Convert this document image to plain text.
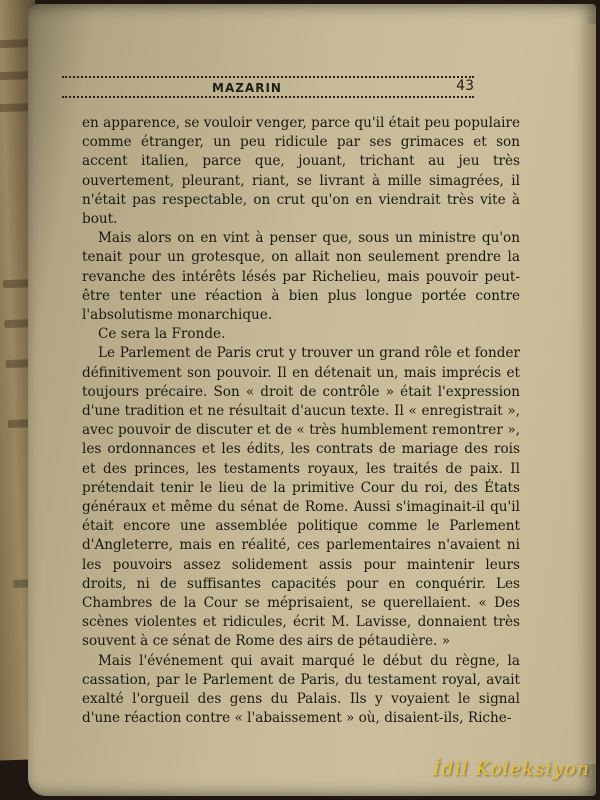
MAZARIN	43

en apparence, se vouloir venger, parce qu'il était peu populaire comme étranger, un peu ridicule par ses grimaces et son accent italien, parce que, jouant, trichant au jeu très ouvertement, pleurant, riant, se livrant à mille simagrées, il n'était pas respectable, on crut qu'on en viendrait très vite à bout.

Mais alors on en vint à penser que, sous un ministre qu'on tenait pour un grotesque, on allait non seulement prendre la revanche des intérêts lésés par Richelieu, mais pouvoir peut-être tenter une réaction à bien plus longue portée contre l'absolutisme monarchique.

Ce sera la Fronde.

Le Parlement de Paris crut y trouver un grand rôle et fonder définitivement son pouvoir. Il en détenait un, mais imprécis et toujours précaire. Son « droit de contrôle » était l'expression d'une tradition et ne résultait d'aucun texte. Il « enregistrait », avec pouvoir de discuter et de « très humblement remontrer », les ordonnances et les édits, les contrats de mariage des rois et des princes, les testaments royaux, les traités de paix. Il prétendait tenir le lieu de la primitive Cour du roi, des États généraux et même du sénat de Rome. Aussi s'imaginait-il qu'il était encore une assemblée politique comme le Parlement d'Angleterre, mais en réalité, ces parlementaires n'avaient ni les pouvoirs assez solidement assis pour maintenir leurs droits, ni de suffisantes capacités pour en conquérir. Les Chambres de la Cour se méprisaient, se querellaient. « Des scènes violentes et ridicules, écrit M. Lavisse, donnaient très souvent à ce sénat de Rome des airs de pétaudière. »

Mais l'événement qui avait marqué le début du règne, la cassation, par le Parlement de Paris, du testament royal, avait exalté l'orgueil des gens du Palais. Ils y voyaient le signal d'une réaction contre « l'abaissement » où, disaient-ils, Riche-

İdil Koleksiyon
